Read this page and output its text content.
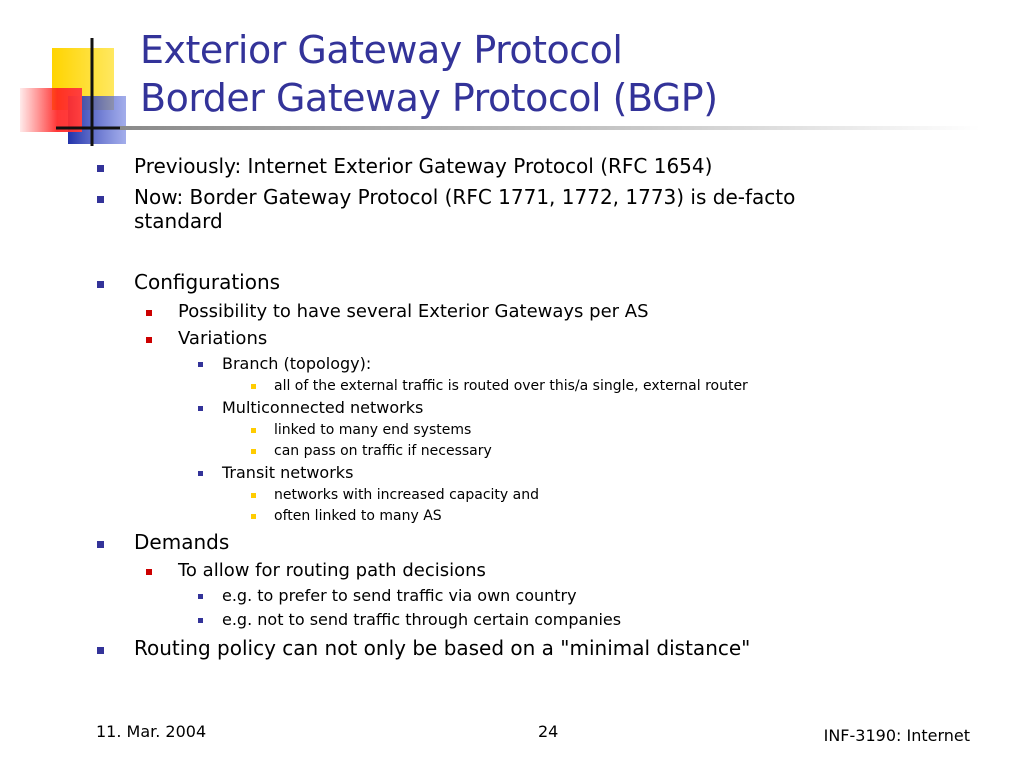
Exterior Gateway Protocol
Border Gateway Protocol (BGP)
Previously: Internet Exterior Gateway Protocol (RFC 1654)
Now: Border Gateway Protocol (RFC 1771, 1772, 1773) is de-facto
standard
Configurations
Possibility to have several Exterior Gateways per AS
Variations
Branch (topology):
all of the external traffic is routed over this/a single, external router
Multiconnected networks
linked to many end systems
can pass on traffic if necessary
Transit networks
networks with increased capacity and
often linked to many AS
Demands
To allow for routing path decisions
e.g. to prefer to send traffic via own country
e.g. not to send traffic through certain companies
Routing policy can not only be based on a "minimal distance"
11. Mar. 2004	24	INF-3190: Internet
